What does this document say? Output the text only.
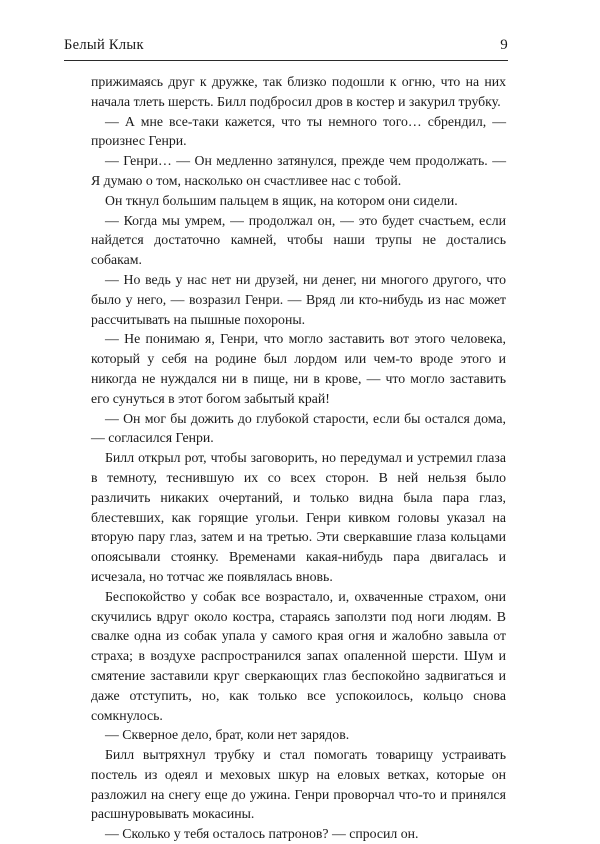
Белый Клык	9

прижимаясь друг к дружке, так близко подошли к огню, что на них начала тлеть шерсть. Билл подбросил дров в костер и закурил трубку.

— А мне все-таки кажется, что ты немного того… сбрендил, — произнес Генри.

— Генри… — Он медленно затянулся, прежде чем продолжать. — Я думаю о том, насколько он счастливее нас с тобой.

Он ткнул большим пальцем в ящик, на котором они сидели.

— Когда мы умрем, — продолжал он, — это будет счастьем, если найдется достаточно камней, чтобы наши трупы не достались собакам.

— Но ведь у нас нет ни друзей, ни денег, ни многого другого, что было у него, — возразил Генри. — Вряд ли кто-нибудь из нас может рассчитывать на пышные похороны.

— Не понимаю я, Генри, что могло заставить вот этого человека, который у себя на родине был лордом или чем-то вроде этого и никогда не нуждался ни в пище, ни в крове, — что могло заставить его сунуться в этот богом забытый край!

— Он мог бы дожить до глубокой старости, если бы остался дома, — согласился Генри.

Билл открыл рот, чтобы заговорить, но передумал и устремил глаза в темноту, теснившую их со всех сторон. В ней нельзя было различить никаких очертаний, и только видна была пара глаз, блестевших, как горящие угольи. Генри кивком головы указал на вторую пару глаз, затем и на третью. Эти сверкавшие глаза кольцами опоясывали стоянку. Временами какая-нибудь пара двигалась и исчезала, но тотчас же появлялась вновь.

Беспокойство у собак все возрастало, и, охваченные страхом, они скучились вдруг около костра, стараясь заползти под ноги людям. В свалке одна из собак упала у самого края огня и жалобно завыла от страха; в воздухе распространился запах опаленной шерсти. Шум и смятение заставили круг сверкающих глаз беспокойно задвигаться и даже отступить, но, как только все успокоилось, кольцо снова сомкнулось.

— Скверное дело, брат, коли нет зарядов.

Билл вытряхнул трубку и стал помогать товарищу устраивать постель из одеял и меховых шкур на еловых ветках, которые он разложил на снегу еще до ужина. Генри проворчал что-то и принялся расшнуровывать мокасины.

— Сколько у тебя осталось патронов? — спросил он.
